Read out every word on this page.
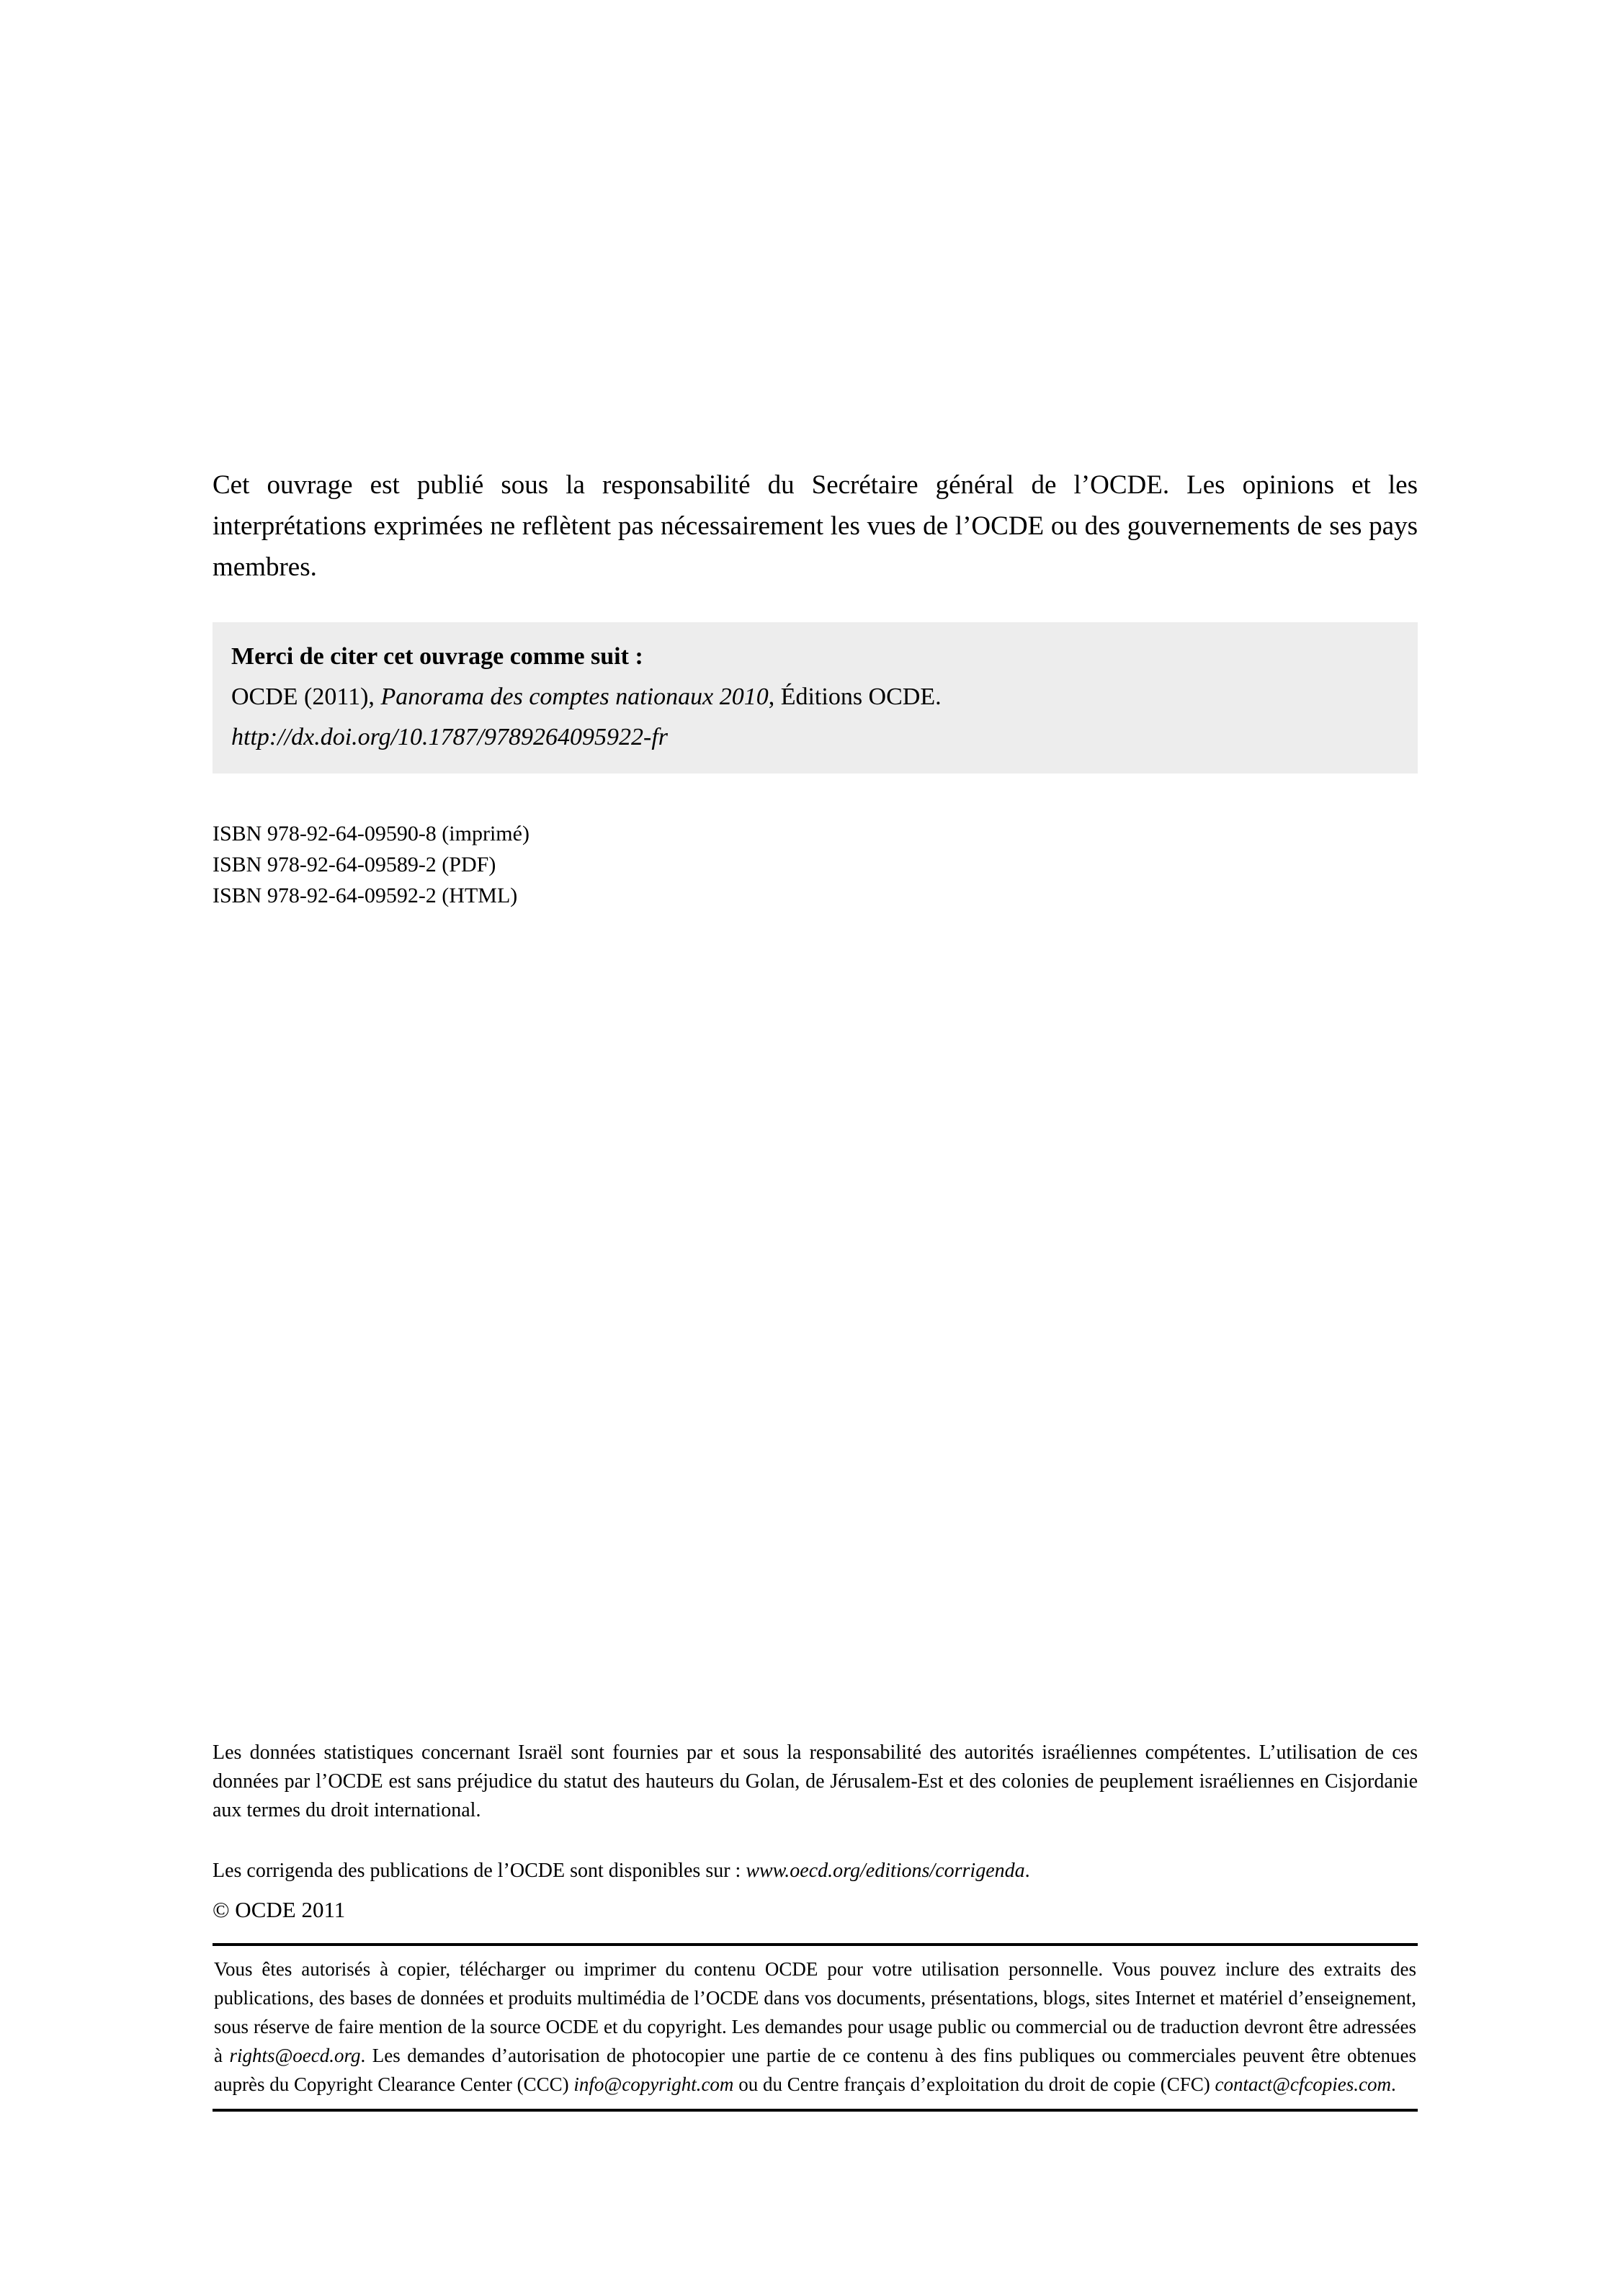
Cet ouvrage est publié sous la responsabilité du Secrétaire général de l’OCDE. Les opinions et les interprétations exprimées ne reflètent pas nécessairement les vues de l’OCDE ou des gouvernements de ses pays membres.

Merci de citer cet ouvrage comme suit :
OCDE (2011), Panorama des comptes nationaux 2010, Éditions OCDE.
http://dx.doi.org/10.1787/9789264095922-fr
ISBN 978-92-64-09590-8 (imprimé)
ISBN 978-92-64-09589-2 (PDF)
ISBN 978-92-64-09592-2 (HTML)

Les données statistiques concernant Israël sont fournies par et sous la responsabilité des autorités israéliennes compétentes. L’utilisation de ces données par l’OCDE est sans préjudice du statut des hauteurs du Golan, de Jérusalem-Est et des colonies de peuplement israéliennes en Cisjordanie aux termes du droit international.

Les corrigenda des publications de l’OCDE sont disponibles sur : www.oecd.org/editions/corrigenda.
© OCDE 2011
Vous êtes autorisés à copier, télécharger ou imprimer du contenu OCDE pour votre utilisation personnelle. Vous pouvez inclure des extraits des publications, des bases de données et produits multimédia de l’OCDE dans vos documents, présentations, blogs, sites Internet et matériel d’enseignement, sous réserve de faire mention de la source OCDE et du copyright. Les demandes pour usage public ou commercial ou de traduction devront être adressées à rights@oecd.org. Les demandes d’autorisation de photocopier une partie de ce contenu à des fins publiques ou commerciales peuvent être obtenues auprès du Copyright Clearance Center (CCC) info@copyright.com ou du Centre français d’exploitation du droit de copie (CFC) contact@cfcopies.com.
